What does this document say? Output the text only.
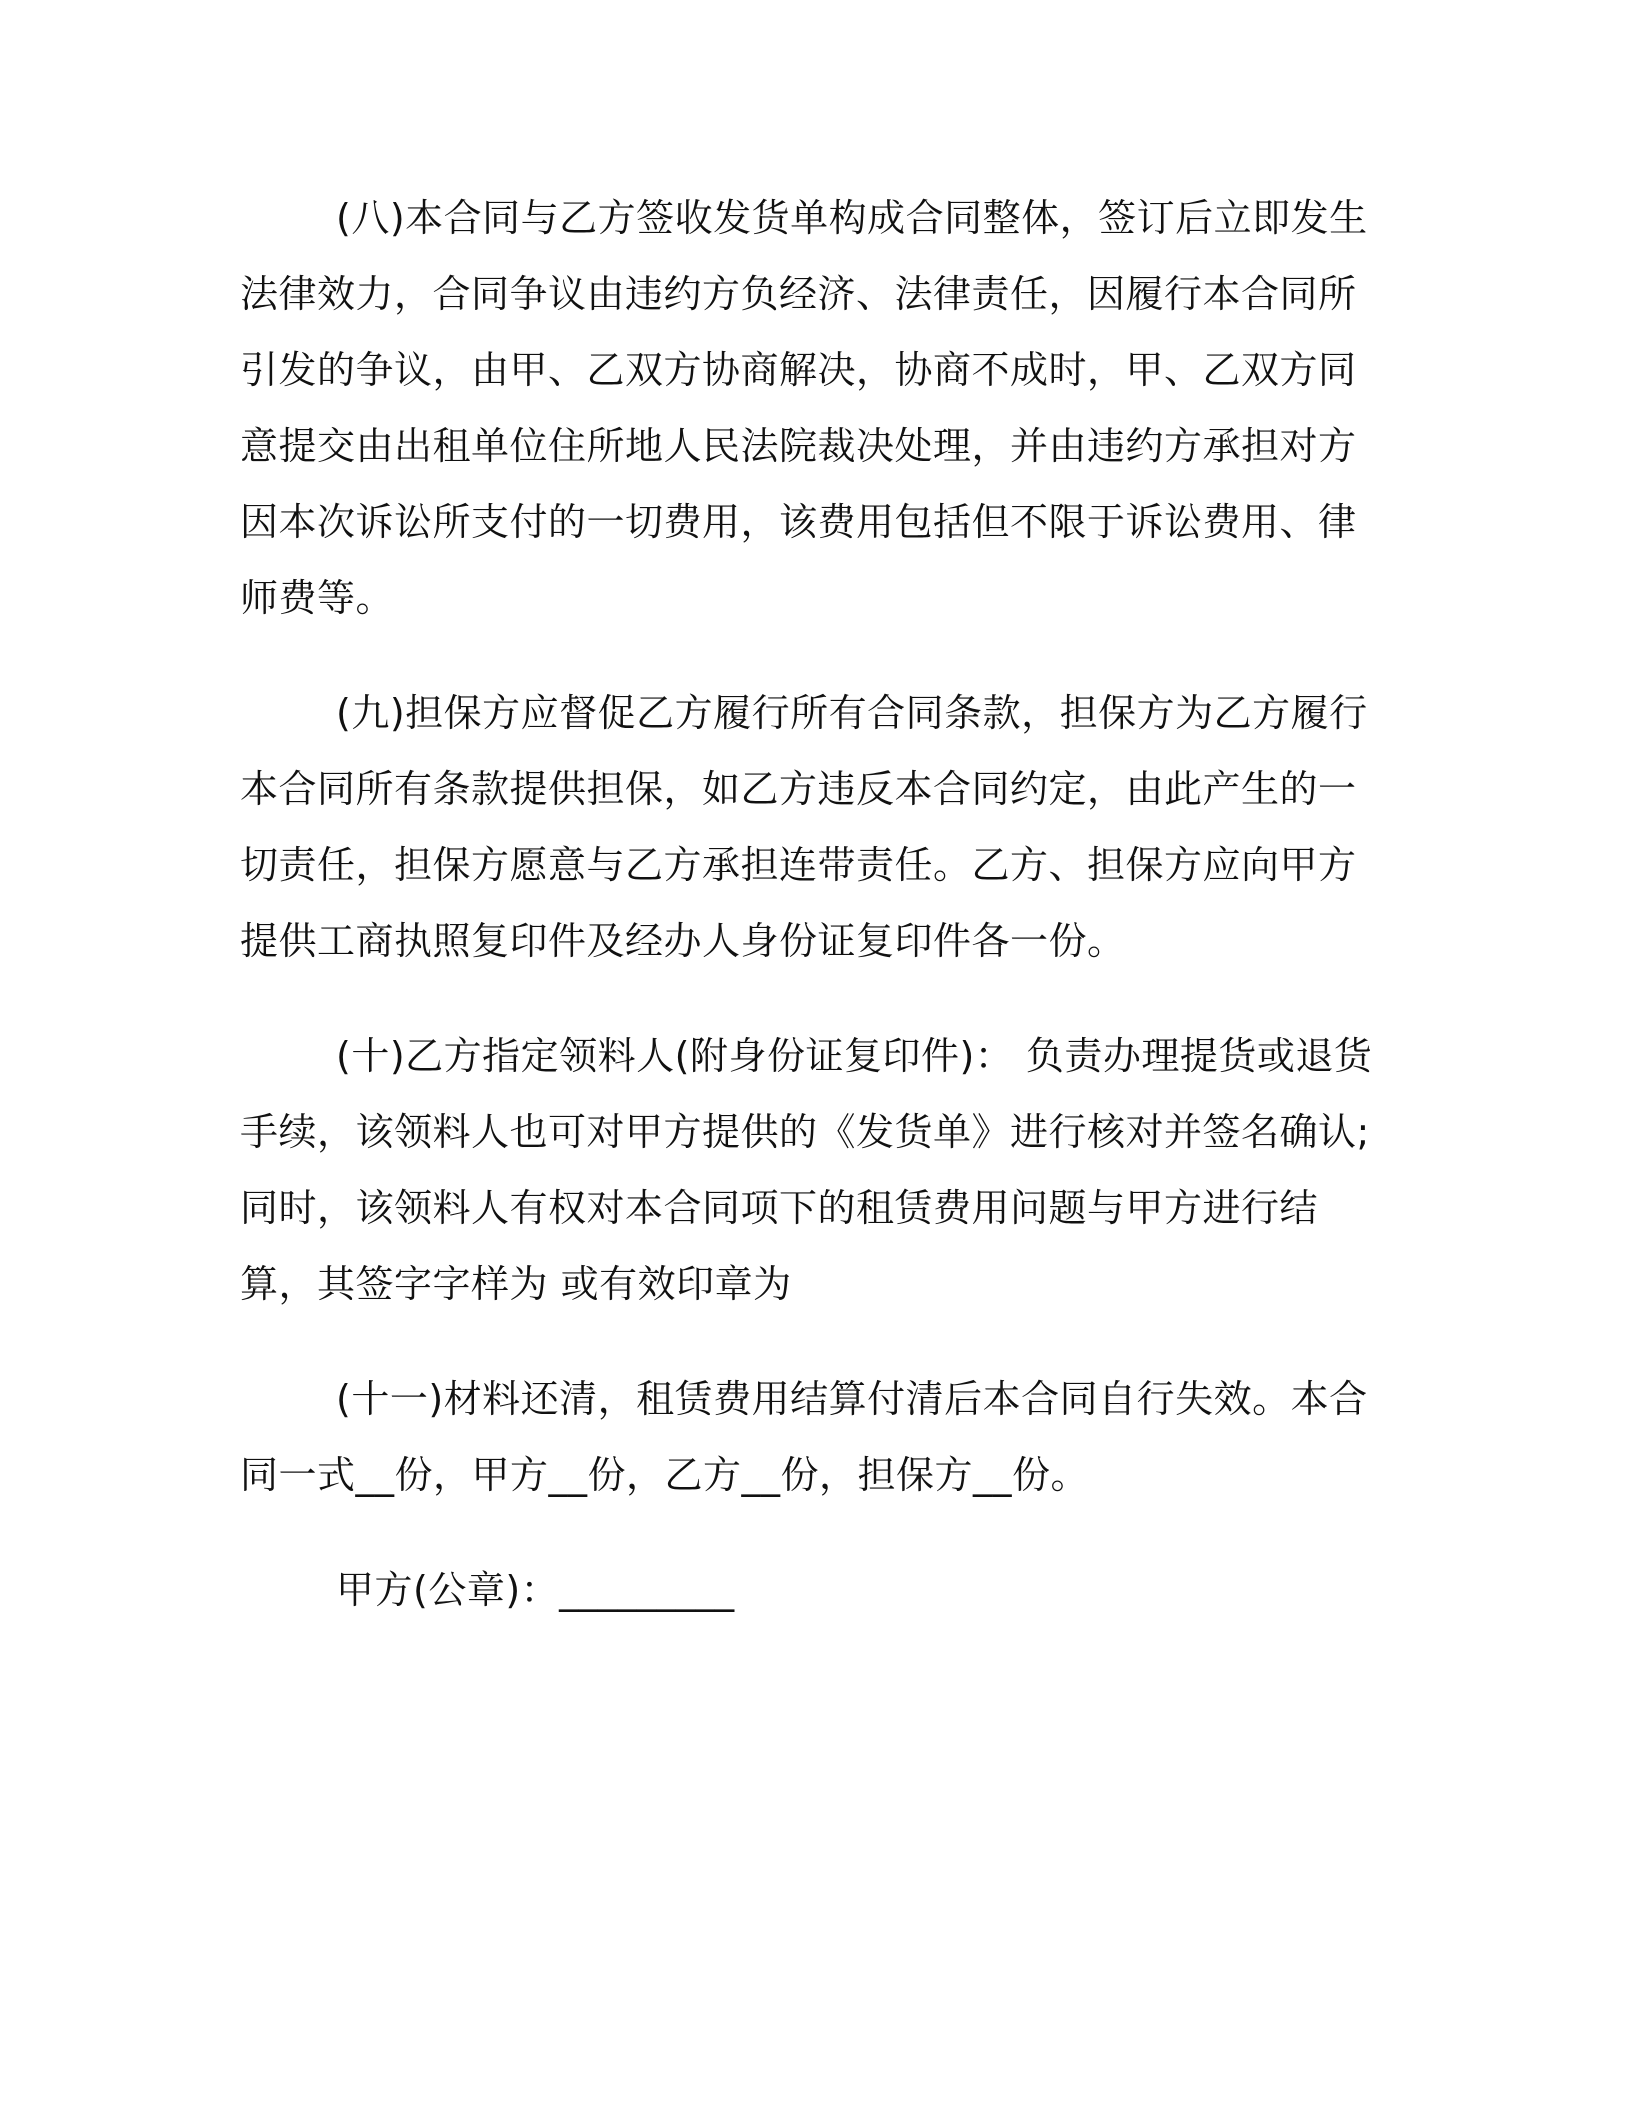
(八)本合同与乙方签收发货单构成合同整体，签订后立即发生法律效力，合同争议由违约方负经济、法律责任，因履行本合同所引发的争议，由甲、乙双方协商解决，协商不成时，甲、乙双方同意提交由出租单位住所地人民法院裁决处理，并由违约方承担对方因本次诉讼所支付的一切费用，该费用包括但不限于诉讼费用、律师费等。

(九)担保方应督促乙方履行所有合同条款，担保方为乙方履行本合同所有条款提供担保，如乙方违反本合同约定，由此产生的一切责任，担保方愿意与乙方承担连带责任。乙方、担保方应向甲方提供工商执照复印件及经办人身份证复印件各一份。

(十)乙方指定领料人(附身份证复印件)： 负责办理提货或退货手续，该领料人也可对甲方提供的《发货单》进行核对并签名确认;同时，该领料人有权对本合同项下的租赁费用问题与甲方进行结算，其签字字样为 或有效印章为

(十一)材料还清，租赁费用结算付清后本合同自行失效。本合同一式__份，甲方__份，乙方__份，担保方__份。

甲方(公章)：_________
